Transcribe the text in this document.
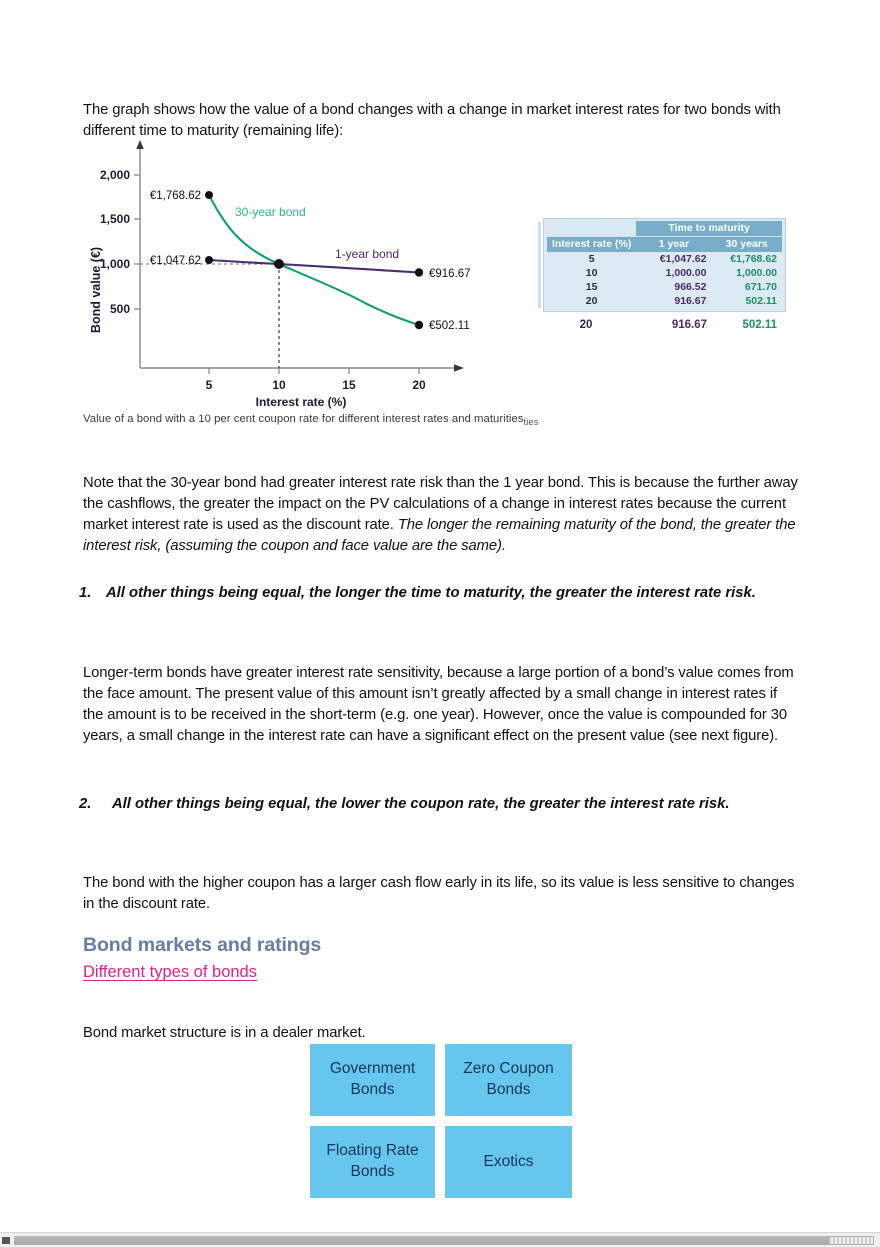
The graph shows how the value of a bond changes with a change in market interest rates for two bonds with different time to maturity (remaining life):

2,000
1,500
1,000
500
5	10	15	20
Bond value (€)
Interest rate (%)
€1,768.62
€1,047.62
€916.67
€502.11
30-year bond
1-year bond
	Time to maturity	
Interest rate (%)	1 year	30 years
5	€1,047.62	€1,768.62
10	1,000.00	1,000.00
15	966.52	671.70
20	916.67	502.11
20	916.67	502.11
Value of a bond with a 10 per cent coupon rate for different interest rates and maturities$_{ties}$

Note that the 30-year bond had greater interest rate risk than the 1 year bond. This is because the further away the cashflows, the greater the impact on the PV calculations of a change in interest rates because the current market interest rate is used as the discount rate. The longer the remaining maturity of the bond, the greater the interest risk, (assuming the coupon and face value are the same).

1. All other things being equal, the longer the time to maturity, the greater the interest rate risk.

Longer-term bonds have greater interest rate sensitivity, because a large portion of a bond’s value comes from the face amount. The present value of this amount isn’t greatly affected by a small change in interest rates if the amount is to be received in the short-term (e.g. one year). However, once the value is compounded for 30 years, a small change in the interest rate can have a significant effect on the present value (see next figure).

2. All other things being equal, the lower the coupon rate, the greater the interest rate risk.

The bond with the higher coupon has a larger cash flow early in its life, so its value is less sensitive to changes in the discount rate.

Bond markets and ratings
Different types of bonds

Bond market structure is in a dealer market.

Government Bonds
Zero Coupon Bonds
Floating Rate Bonds
Exotics
